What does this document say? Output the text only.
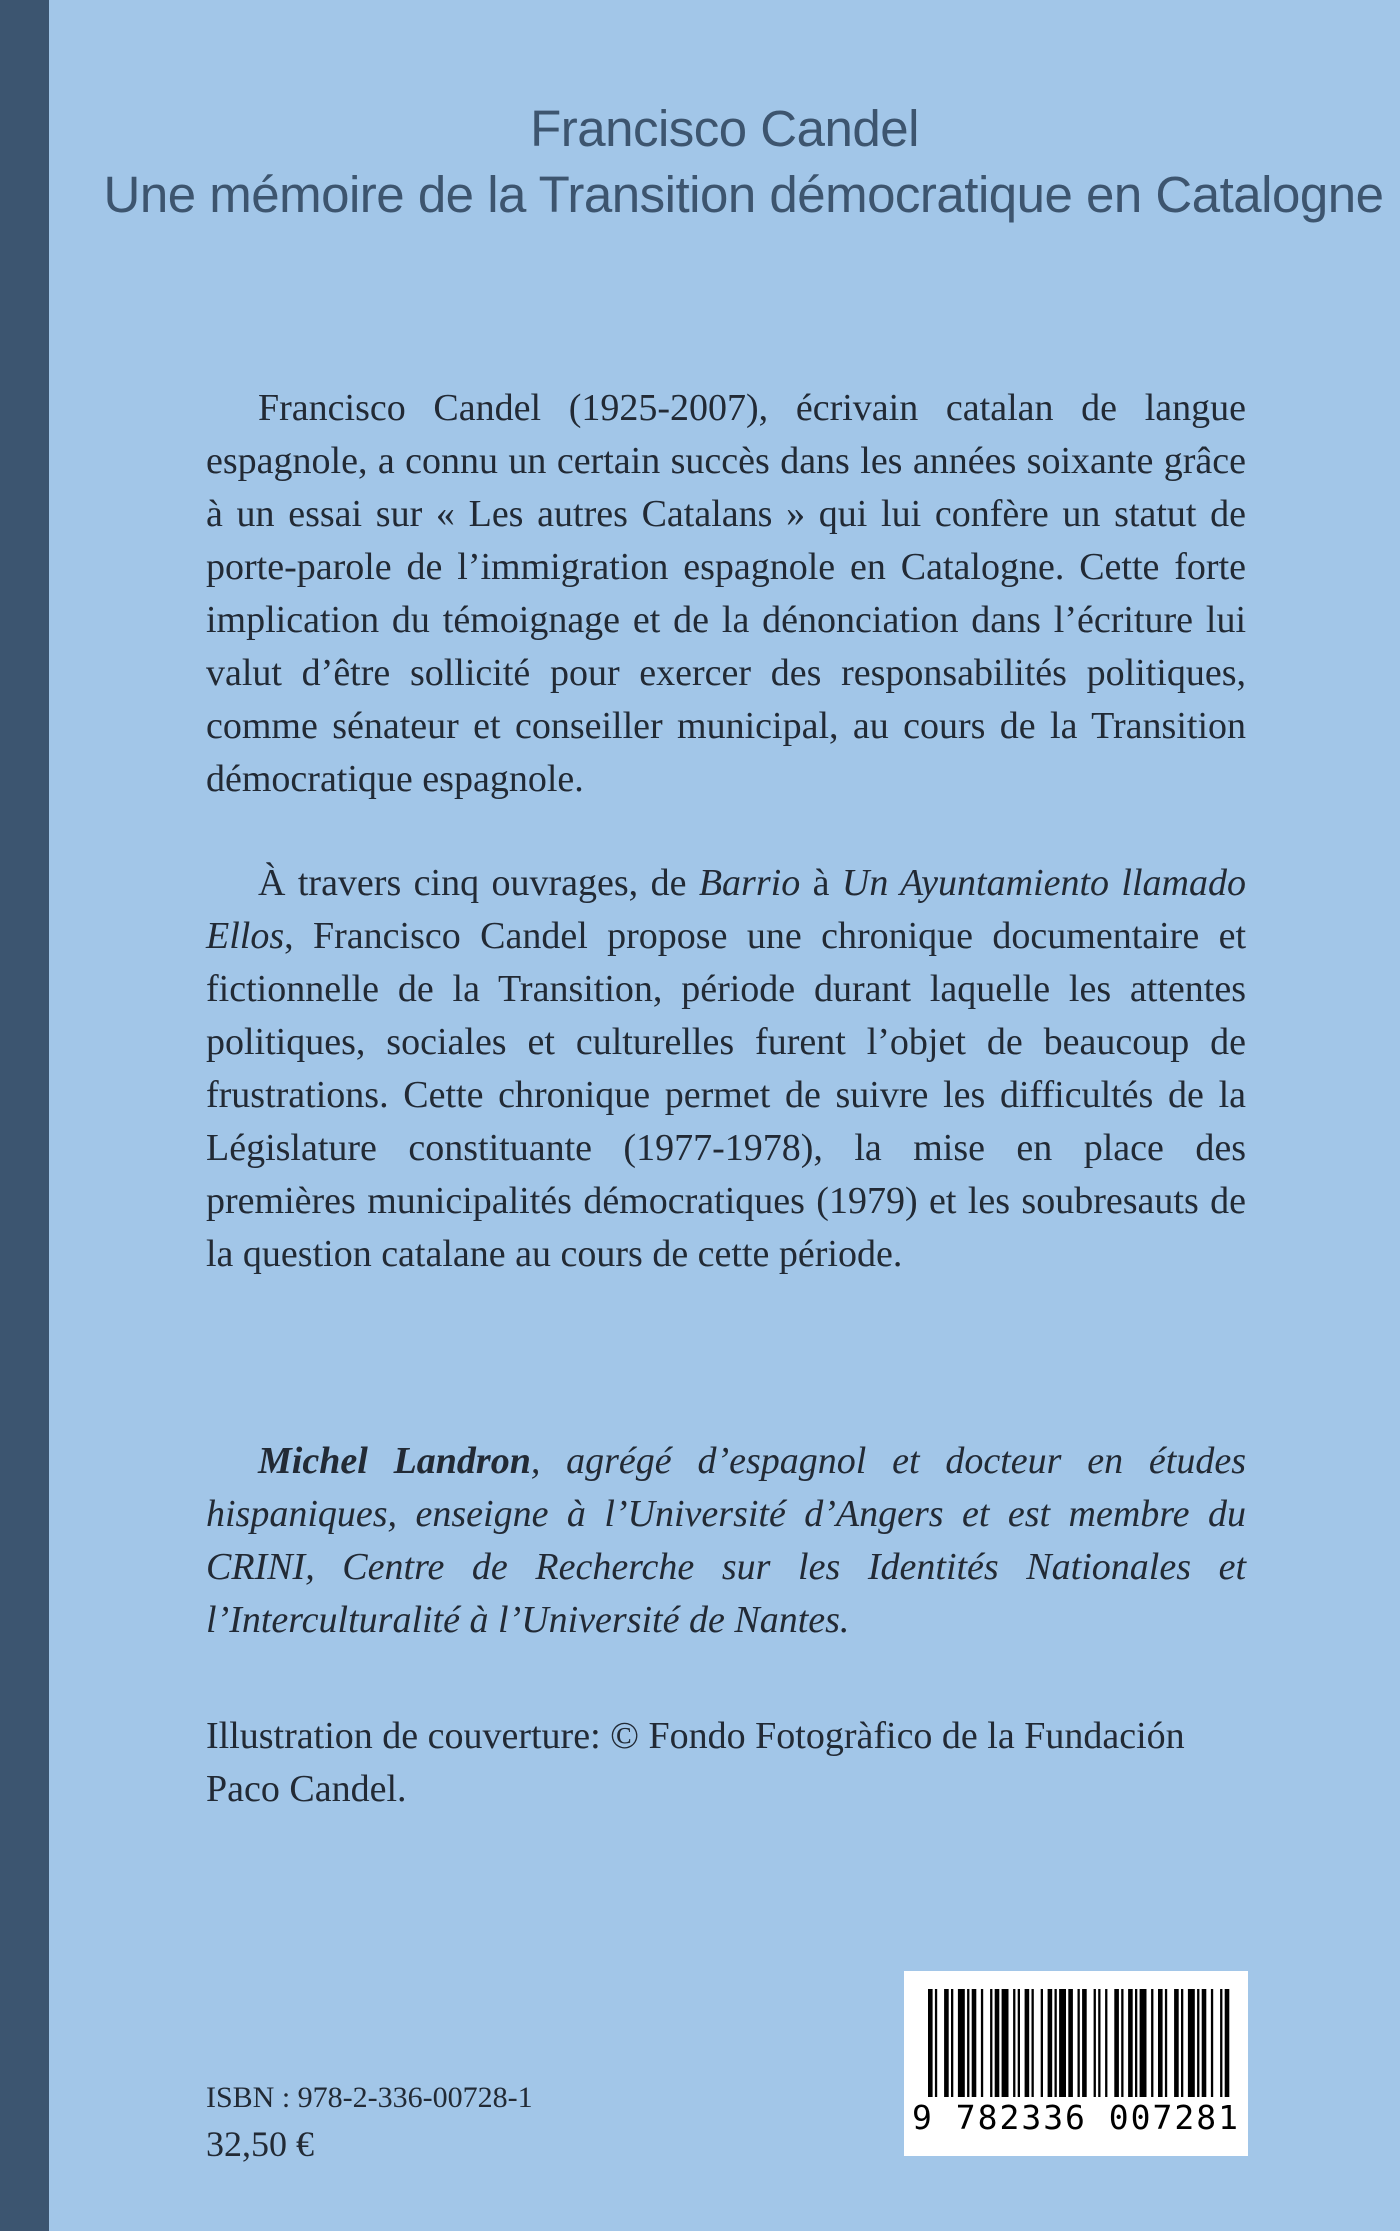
Francisco Candel
Une mémoire de la Transition démocratique en Catalogne

Francisco Candel (1925-2007), écrivain catalan de langue espagnole, a connu un certain succès dans les années soixante grâce à un essai sur « Les autres Catalans » qui lui confère un statut de porte-parole de l’immigration espagnole en Catalogne. Cette forte implication du témoignage et de la dénonciation dans l’écriture lui valut d’être sollicité pour exercer des responsabilités politiques, comme sénateur et conseiller municipal, au cours de la Transition démocratique espagnole.

À travers cinq ouvrages, de Barrio à Un Ayuntamiento llamado Ellos, Francisco Candel propose une chronique documentaire et fictionnelle de la Transition, période durant laquelle les attentes politiques, sociales et culturelles furent l’objet de beaucoup de frustrations. Cette chronique permet de suivre les difficultés de la Législature constituante (1977-1978), la mise en place des premières municipalités démocratiques (1979) et les soubresauts de la question catalane au cours de cette période.

Michel Landron, agrégé d’espagnol et docteur en études hispaniques, enseigne à l’Université d’Angers et est membre du CRINI, Centre de Recherche sur les Identités Nationales et l’Interculturalité à l’Université de Nantes.

Illustration de couverture: © Fondo Fotogràfico de la Fundación Paco Candel.

ISBN : 978-2-336-00728-1
32,50 €
9 782336 007281
